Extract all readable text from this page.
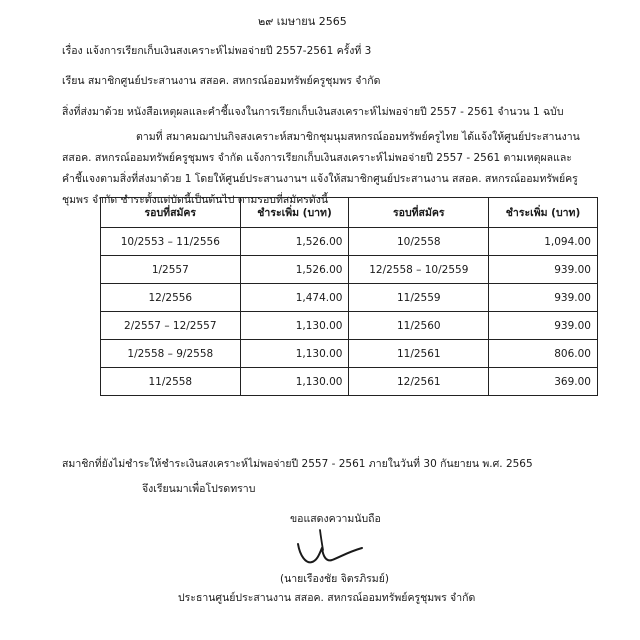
๒๙ เมษายน 2565
เรื่อง แจ้งการเรียกเก็บเงินสงเคราะห์ไม่พอจ่ายปี 2557-2561 ครั้งที่ 3
เรียน สมาชิกศูนย์ประสานงาน สสอค. สหกรณ์ออมทรัพย์ครูชุมพร จำกัด
สิ่งที่ส่งมาด้วย หนังสือเหตุผลและคำชี้แจงในการเรียกเก็บเงินสงเคราะห์ไม่พอจ่ายปี 2557 - 2561 จำนวน 1 ฉบับ

ตามที่ สมาคมฌาปนกิจสงเคราะห์สมาชิกชุมนุมสหกรณ์ออมทรัพย์ครูไทย ได้แจ้งให้ศูนย์ประสานงาน

สสอค. สหกรณ์ออมทรัพย์ครูชุมพร จำกัด แจ้งการเรียกเก็บเงินสงเคราะห์ไม่พอจ่ายปี 2557 - 2561 ตามเหตุผลและ

คำชี้แจงตามสิ่งที่ส่งมาด้วย 1 โดยให้ศูนย์ประสานงานฯ แจ้งให้สมาชิกศูนย์ประสานงาน สสอค. สหกรณ์ออมทรัพย์ครู

ชุมพร จำกัด ชำระตั้งแต่บัดนี้เป็นต้นไป ตามรอบที่สมัครดังนี้

รอบที่สมัคร	ชำระเพิ่ม (บาท)	รอบที่สมัคร	ชำระเพิ่ม (บาท)
10/2553 – 11/2556	1,526.00	10/2558	1,094.00
1/2557	1,526.00	12/2558 – 10/2559	939.00
12/2556	1,474.00	11/2559	939.00
2/2557 – 12/2557	1,130.00	11/2560	939.00
1/2558 – 9/2558	1,130.00	11/2561	806.00
11/2558	1,130.00	12/2561	369.00
สมาชิกที่ยังไม่ชำระให้ชำระเงินสงเคราะห์ไม่พอจ่ายปี 2557 - 2561 ภายในวันที่ 30 กันยายน พ.ศ. 2565
จึงเรียนมาเพื่อโปรดทราบ
ขอแสดงความนับถือ
(นายเรืองชัย จิตรภิรมย์)
ประธานศูนย์ประสานงาน สสอค. สหกรณ์ออมทรัพย์ครูชุมพร จำกัด
